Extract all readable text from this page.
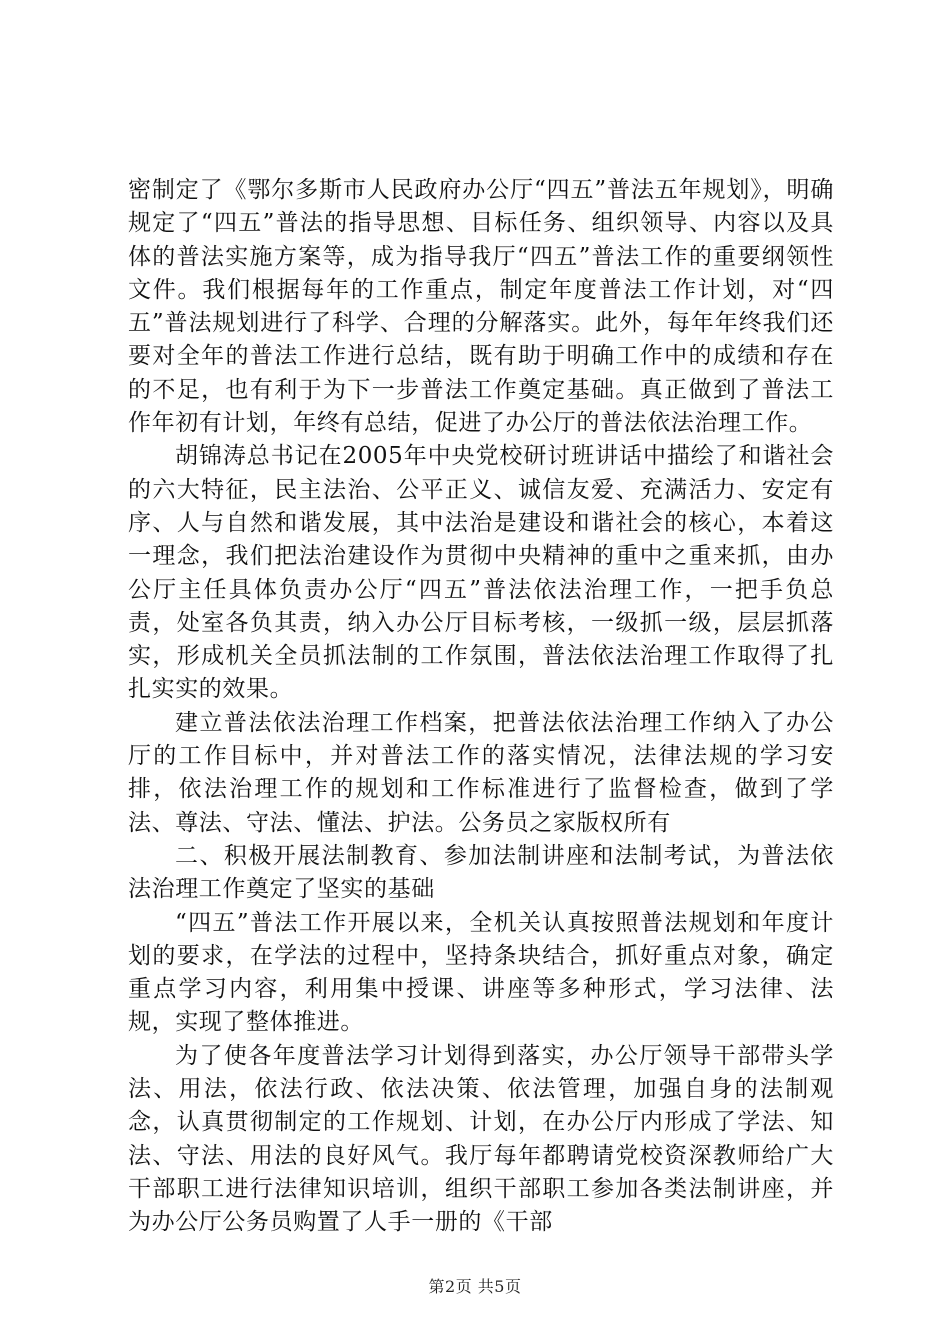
密制定了《鄂尔多斯市人民政府办公厅“四五”普法五年规划》，明确规定了“四五”普法的指导思想、目标任务、组织领导、内容以及具体的普法实施方案等，成为指导我厅“四五”普法工作的重要纲领性文件。我们根据每年的工作重点，制定年度普法工作计划，对“四五”普法规划进行了科学、合理的分解落实。此外，每年年终我们还要对全年的普法工作进行总结，既有助于明确工作中的成绩和存在的不足，也有利于为下一步普法工作奠定基础。真正做到了普法工作年初有计划，年终有总结，促进了办公厅的普法依法治理工作。

胡锦涛总书记在2005年中央党校研讨班讲话中描绘了和谐社会的六大特征，民主法治、公平正义、诚信友爱、充满活力、安定有序、人与自然和谐发展，其中法治是建设和谐社会的核心，本着这一理念，我们把法治建设作为贯彻中央精神的重中之重来抓，由办公厅主任具体负责办公厅“四五”普法依法治理工作，一把手负总责，处室各负其责，纳入办公厅目标考核，一级抓一级，层层抓落实，形成机关全员抓法制的工作氛围，普法依法治理工作取得了扎扎实实的效果。

建立普法依法治理工作档案，把普法依法治理工作纳入了办公厅的工作目标中，并对普法工作的落实情况，法律法规的学习安排，依法治理工作的规划和工作标准进行了监督检查，做到了学法、尊法、守法、懂法、护法。公务员之家版权所有

二、积极开展法制教育、参加法制讲座和法制考试，为普法依法治理工作奠定了坚实的基础

“四五”普法工作开展以来，全机关认真按照普法规划和年度计划的要求，在学法的过程中，坚持条块结合，抓好重点对象，确定重点学习内容，利用集中授课、讲座等多种形式，学习法律、法规，实现了整体推进。

为了使各年度普法学习计划得到落实，办公厅领导干部带头学法、用法，依法行政、依法决策、依法管理，加强自身的法制观念，认真贯彻制定的工作规划、计划，在办公厅内形成了学法、知法、守法、用法的良好风气。我厅每年都聘请党校资深教师给广大干部职工进行法律知识培训，组织干部职工参加各类法制讲座，并为办公厅公务员购置了人手一册的《干部

第2页 共5页
